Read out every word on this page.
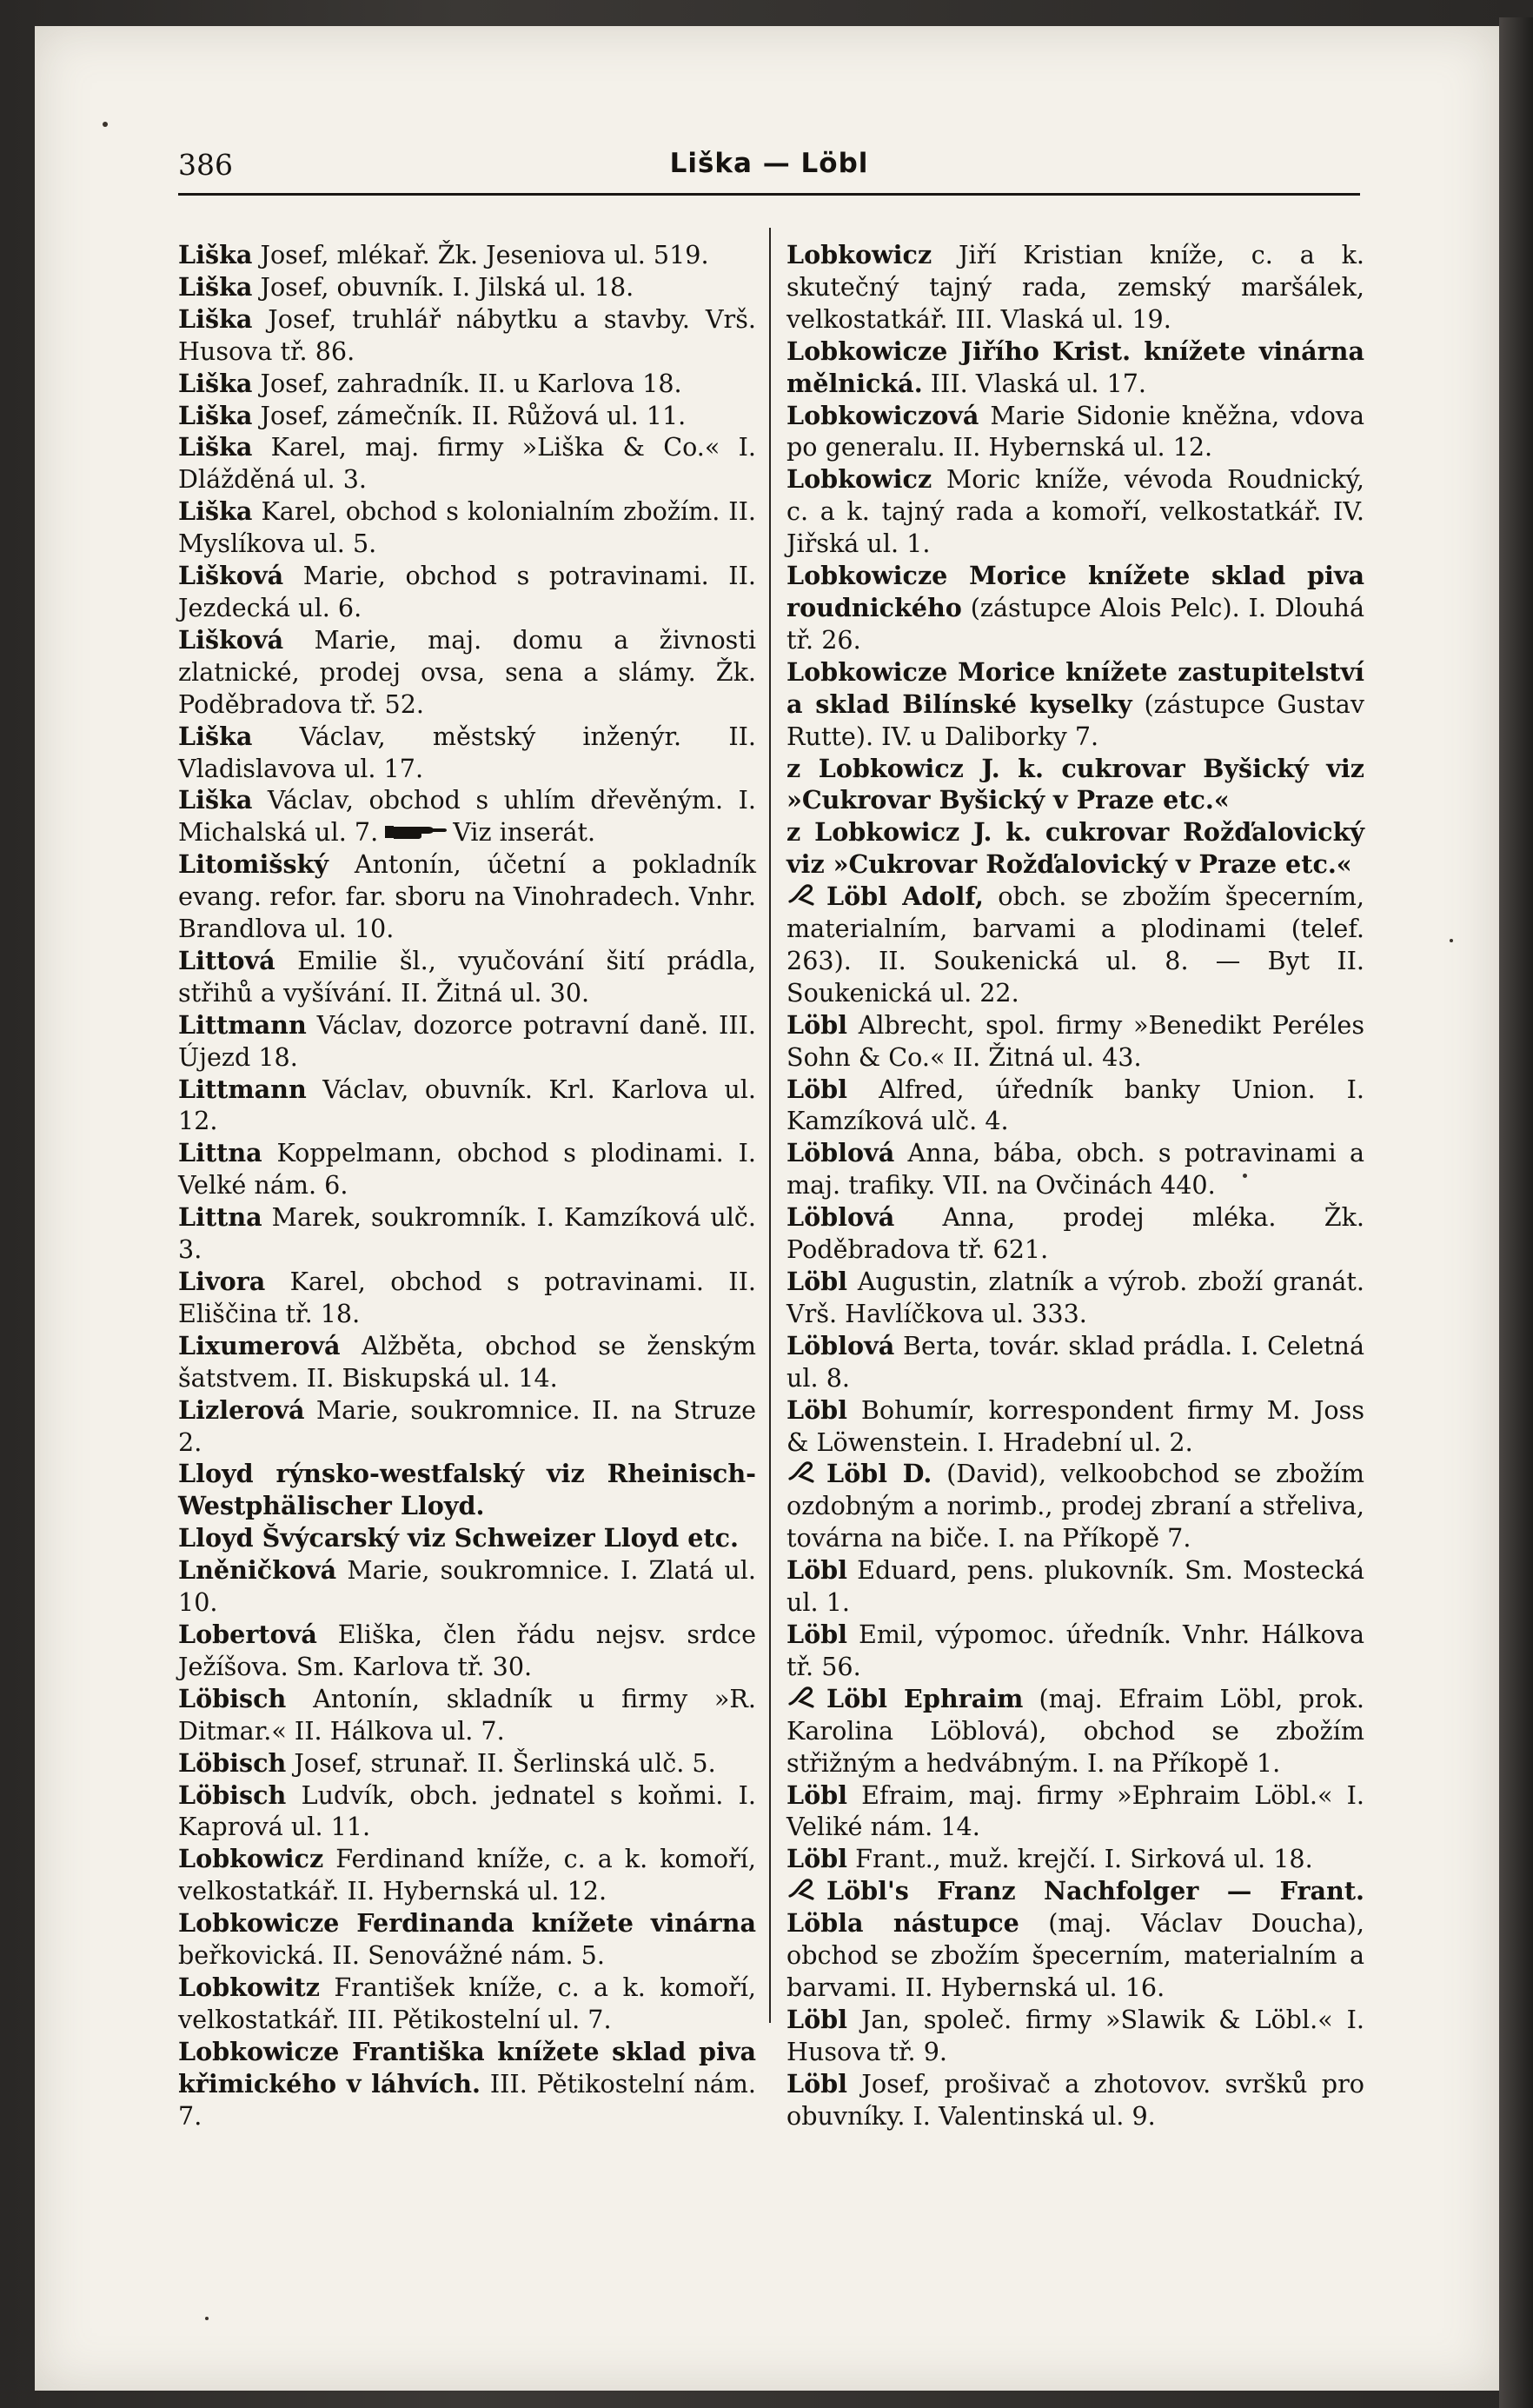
386	Liška — Löbl

Liška Josef, mlékař. Žk. Jeseniova ul. 519.

Liška Josef, obuvník. I. Jilská ul. 18.

Liška Josef, truhlář nábytku a stavby. Vrš. Husova tř. 86.

Liška Josef, zahradník. II. u Karlova 18.

Liška Josef, zámečník. II. Růžová ul. 11.

Liška Karel, maj. firmy »Liška & Co.« I. Dlážděná ul. 3.

Liška Karel, obchod s kolonialním zbožím. II. Myslíkova ul. 5.

Lišková Marie, obchod s potravinami. II. Jezdecká ul. 6.

Lišková Marie, maj. domu a živnosti zlatnické, prodej ovsa, sena a slámy. Žk. Poděbradova tř. 52.

Liška Václav, městský inženýr. II. Vladislavova ul. 17.

Liška Václav, obchod s uhlím dřevěným. I. Michalská ul. 7.	Viz inserát.

Litomišský Antonín, účetní a pokladník evang. refor. far. sboru na Vinohradech. Vnhr. Brandlova ul. 10.

Littová Emilie šl., vyučování šití prádla, střihů a vyšívání. II. Žitná ul. 30.

Littmann Václav, dozorce potravní daně. III. Újezd 18.

Littmann Václav, obuvník. Krl. Karlova ul. 12.

Littna Koppelmann, obchod s plodinami. I. Velké nám. 6.

Littna Marek, soukromník. I. Kamzíková ulč. 3.

Livora Karel, obchod s potravinami. II. Eliščina tř. 18.

Lixumerová Alžběta, obchod se ženským šatstvem. II. Biskupská ul. 14.

Lizlerová Marie, soukromnice. II. na Struze 2.

Lloyd rýnsko-westfalský viz Rheinisch-Westphälischer Lloyd.

Lloyd Švýcarský viz Schweizer Lloyd etc.

Lněničková Marie, soukromnice. I. Zlatá ul. 10.

Lobertová Eliška, člen řádu nejsv. srdce Ježíšova. Sm. Karlova tř. 30.

Löbisch Antonín, skladník u firmy »R. Ditmar.« II. Hálkova ul. 7.

Löbisch Josef, strunař. II. Šerlinská ulč. 5.

Löbisch Ludvík, obch. jednatel s koňmi. I. Kaprová ul. 11.

Lobkowicz Ferdinand kníže, c. a k. komoří, velkostatkář. II. Hybernská ul. 12.

Lobkowicze Ferdinanda knížete vinárna beřkovická. II. Senovážné nám. 5.

Lobkowitz František kníže, c. a k. komoří, velkostatkář. III. Pětikostelní ul. 7.

Lobkowicze Františka knížete sklad piva křimického v láhvích. III. Pětikostelní nám. 7.

Lobkowicz Jiří Kristian kníže, c. a k. skutečný tajný rada, zemský maršálek, velkostatkář. III. Vlaská ul. 19.

Lobkowicze Jiřího Krist. knížete vinárna mělnická. III. Vlaská ul. 17.

Lobkowiczová Marie Sidonie kněžna, vdova po generalu. II. Hybernská ul. 12.

Lobkowicz Moric kníže, vévoda Roudnický, c. a k. tajný rada a komoří, velkostatkář. IV. Jiřská ul. 1.

Lobkowicze Morice knížete sklad piva roudnického (zástupce Alois Pelc). I. Dlouhá tř. 26.

Lobkowicze Morice knížete zastupitelství a sklad Bilínské kyselky (zástupce Gustav Rutte). IV. u Daliborky 7.

z Lobkowicz J. k. cukrovar Byšický viz »Cukrovar Byšický v Praze etc.«

z Lobkowicz J. k. cukrovar Rožďalovický viz »Cukrovar Rožďalovický v Praze etc.«

Löbl Adolf, obch. se zbožím špecerním, materialním, barvami a plodinami (telef. 263). II. Soukenická ul. 8. — Byt II. Soukenická ul. 22.

Löbl Albrecht, spol. firmy »Benedikt Peréles Sohn & Co.« II. Žitná ul. 43.

Löbl Alfred, úředník banky Union. I. Kamzíková ulč. 4.

Löblová Anna, bába, obch. s potravinami a maj. trafiky. VII. na Ovčinách 440.

Löblová Anna, prodej mléka. Žk. Poděbradova tř. 621.

Löbl Augustin, zlatník a výrob. zboží granát. Vrš. Havlíčkova ul. 333.

Löblová Berta, továr. sklad prádla. I. Celetná ul. 8.

Löbl Bohumír, korrespondent firmy M. Joss & Löwenstein. I. Hradební ul. 2.

Löbl D. (David), velkoobchod se zbožím ozdobným a norimb., prodej zbraní a střeliva, továrna na biče. I. na Příkopě 7.

Löbl Eduard, pens. plukovník. Sm. Mostecká ul. 1.

Löbl Emil, výpomoc. úředník. Vnhr. Hálkova tř. 56.

Löbl Ephraim (maj. Efraim Löbl, prok. Karolina Löblová), obchod se zbožím střižným a hedvábným. I. na Příkopě 1.

Löbl Efraim, maj. firmy »Ephraim Löbl.« I. Veliké nám. 14.

Löbl Frant., muž. krejčí. I. Sirková ul. 18.

Löbl's Franz Nachfolger — Frant. Löbla nástupce (maj. Václav Doucha), obchod se zbožím špecerním, materialním a barvami. II. Hybernská ul. 16.

Löbl Jan, společ. firmy »Slawik & Löbl.« I. Husova tř. 9.

Löbl Josef, prošivač a zhotovov. svršků pro obuvníky. I. Valentinská ul. 9.
